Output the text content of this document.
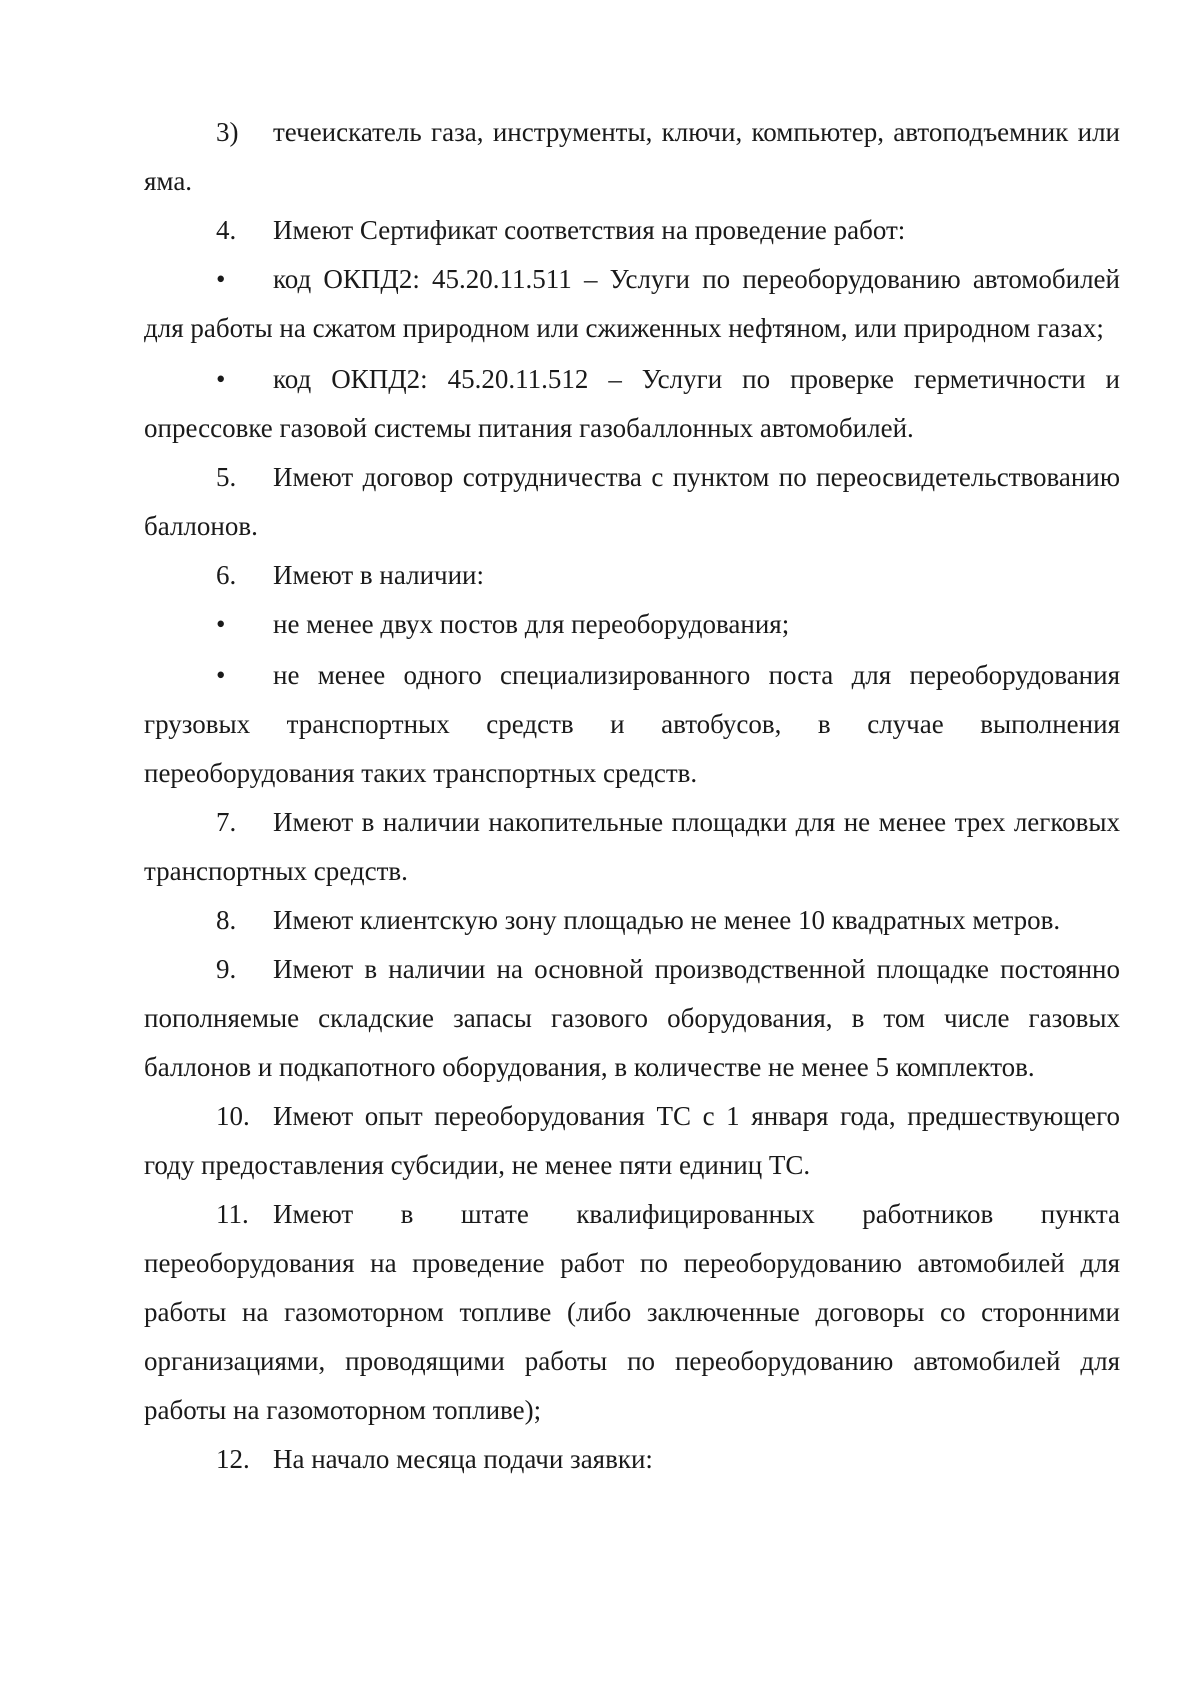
3) течеискатель газа, инструменты, ключи, компьютер, автоподъемник или яма.

4. Имеют Сертификат соответствия на проведение работ:

• код ОКПД2: 45.20.11.511 – Услуги по переоборудованию автомобилей для работы на сжатом природном или сжиженных нефтяном, или природном газах;

• код ОКПД2: 45.20.11.512 – Услуги по проверке герметичности и опрессовке газовой системы питания газобаллонных автомобилей.

5. Имеют договор сотрудничества с пунктом по переосвидетельствованию баллонов.

6. Имеют в наличии:

• не менее двух постов для переоборудования;

• не менее одного специализированного поста для переоборудования грузовых транспортных средств и автобусов, в случае выполнения переоборудования таких транспортных средств.

7. Имеют в наличии накопительные площадки для не менее трех легковых транспортных средств.

8. Имеют клиентскую зону площадью не менее 10 квадратных метров.

9. Имеют в наличии на основной производственной площадке постоянно пополняемые складские запасы газового оборудования, в том числе газовых баллонов и подкапотного оборудования, в количестве не менее 5 комплектов.

10. Имеют опыт переоборудования ТС с 1 января года, предшествующего году предоставления субсидии, не менее пяти единиц ТС.

11. Имеют в штате квалифицированных работников пункта переоборудования на проведение работ по переоборудованию автомобилей для работы на газомоторном топливе (либо заключенные договоры со сторонними организациями, проводящими работы по переоборудованию автомобилей для работы на газомоторном топливе);

12. На начало месяца подачи заявки:
